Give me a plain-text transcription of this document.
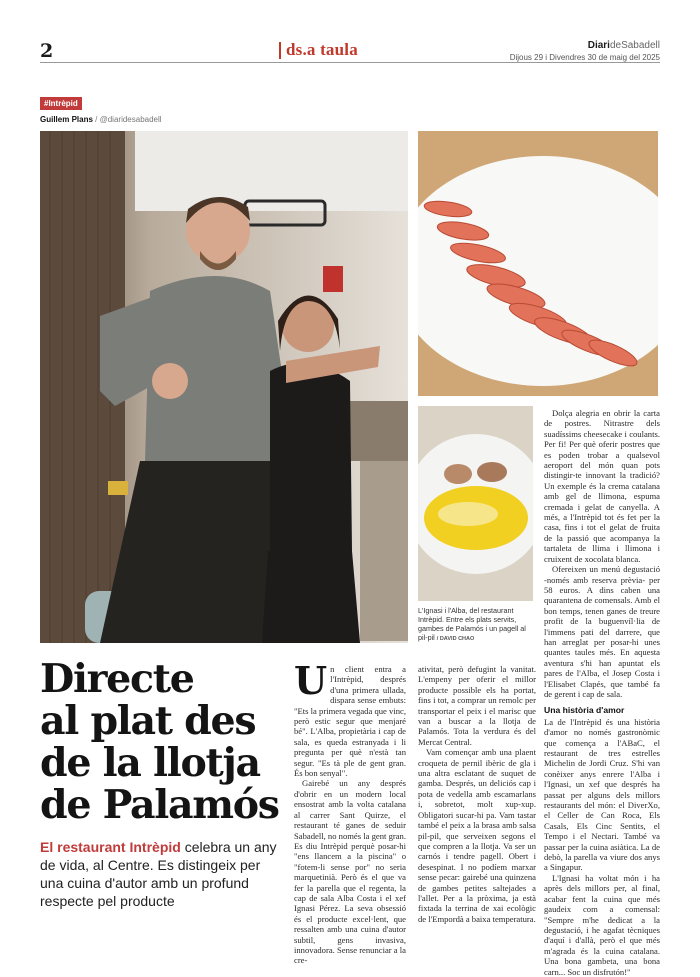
2	ds.a taula	DiarideSabadell
Dijous 29 i Divendres 30 de maig del 2025
#Intrèpid
Guillem Plans / @diaridesabadell
L'Ignasi i l'Alba, del restaurant Intrèpid. Entre els plats servits, gambes de Palamós i un pagell al pil-pil / DAVID CHAO
Directe
al plat des
de la llotja
de Palamós
El restaurant Intrèpid celebra un any de vida, al Centre. Es distingeix per una cuina d'autor amb un profund respecte pel producte
U n client entra a l'Intrèpid, després d'una primera ullada, dispara sense embuts: "Ets la primera vegada que vinc, però estic segur que menjaré bé". L'Alba, propietària i cap de sala, es queda estranyada i li pregunta per què n'està tan segur. "Es tà ple de gent gran. És bon senyal".

Gairebé un any després d'obrir en un modern local ensostrat amb la volta catalana al carrer Sant Quirze, el restaurant té ganes de seduir Sabadell, no només la gent gran. Es diu Intrèpid perquè posar-hi "ens llancem a la piscina" o "fotem-li sense por" no seria marquetinià. Però és el que va fer la parella que el regenta, la cap de sala Alba Costa i el xef Ignasi Pérez. La seva obsessió és el producte excel·lent, que ressalten amb una cuina d'autor subtil, gens invasiva, innovadora. Sense renunciar a la cre-

ativitat, però defugint la vanitat. L'empeny per oferir el millor producte possible els ha portat, fins i tot, a comprar un remolc per transportar el peix i el marisc que van a buscar a la llotja de Palamós. Tota la verdura és del Mercat Central.

Vam començar amb una plaent croqueta de pernil ibèric de gla i una altra esclatant de suquet de gamba. Després, un deliciós cap i pota de vedella amb escamarlans i, sobretot, molt xup-xup. Obligatori sucar-hi pa. Vam tastar també el peix a la brasa amb salsa pil-pil, que serveixen segons el que compren a la llotja. Va ser un carnós i tendre pagell. Obert i desespinat. I no podíem marxar sense pecar: gairebé una quinzena de gambes petites saltejades a l'allet. Per a la pròxima, ja està fixtada la terrina de xai ecològic de l'Empordà a baixa temperatura.

Dolça alegria en obrir la carta de postres. Nitrastre dels suadíssims cheesecake i coulants. Per fi! Per què oferir postres que es poden trobar a qualsevol aeroport del món quan pots distingir-te innovant la tradició? Un exemple és la crema catalana amb gel de llimona, espuma cremada i gelat de canyella. A més, a l'Intrèpid tot és fet per la casa, fins i tot el gelat de fruita de la passió que acompanya la tartaleta de llima i llimona i cruixent de xocolata blanca.

Ofereixen un menú degustació -només amb reserva prèvia- per 58 euros. A dins caben una quarantena de comensals. Amb el bon temps, tenen ganes de treure profit de la buguenvíl·lia de l'immens pati del darrere, que han arreglat per posar-hi unes quantes taules més. En aquesta aventura s'hi han apuntat els pares de l'Alba, el Josep Costa i l'Elisabet Clapés, que també fa de gerent i cap de sala.

Una història d'amor

La de l'Intrèpid és una història d'amor no només gastronòmic que comença a l'ABaC, el restaurant de tres estrelles Michelin de Jordi Cruz. S'hi van conèixer anys enrere l'Alba i l'Ignasi, un xef que després ha passat per alguns dels millors restaurants del món: el DiverXo, el Celler de Can Roca, Els Casals, Els Cinc Sentits, el Tempo i el Nectari. També va passar per la cuina asiàtica. La de debò, la parella va viure dos anys a Singapur.

L'Ignasi ha voltat món i ha après dels millors per, al final, acabar fent la cuina que més gaudeix com a comensal: "Sempre m'he dedicat a la degustació, i he agafat tècniques d'aquí i d'allà, però el que més m'agrada és la cuina catalana. Una bona gambeta, una bona carn... Soc un disfrutón!"
